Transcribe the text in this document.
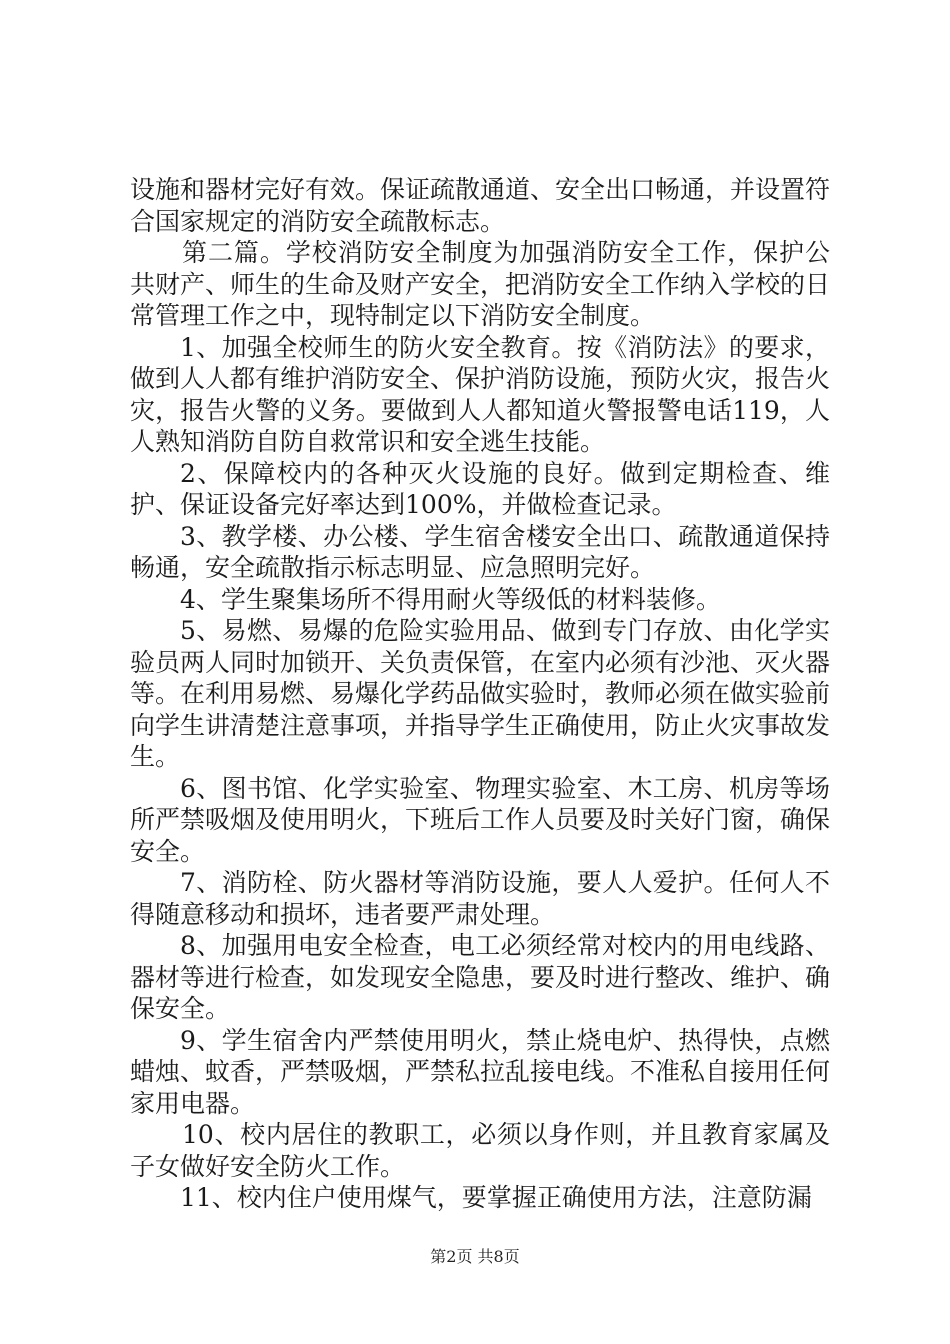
设施和器材完好有效。保证疏散通道、安全出口畅通，并设置符合国家规定的消防安全疏散标志。

第二篇。学校消防安全制度为加强消防安全工作，保护公共财产、师生的生命及财产安全，把消防安全工作纳入学校的日常管理工作之中，现特制定以下消防安全制度。

1、加强全校师生的防火安全教育。按《消防法》的要求，做到人人都有维护消防安全、保护消防设施，预防火灾，报告火灾，报告火警的义务。要做到人人都知道火警报警电话119，人人熟知消防自防自救常识和安全逃生技能。

2、保障校内的各种灭火设施的良好。做到定期检查、维护、保证设备完好率达到100%，并做检查记录。

3、教学楼、办公楼、学生宿舍楼安全出口、疏散通道保持畅通，安全疏散指示标志明显、应急照明完好。

4、学生聚集场所不得用耐火等级低的材料装修。

5、易燃、易爆的危险实验用品、做到专门存放、由化学实验员两人同时加锁开、关负责保管，在室内必须有沙池、灭火器等。在利用易燃、易爆化学药品做实验时，教师必须在做实验前向学生讲清楚注意事项，并指导学生正确使用，防止火灾事故发生。

6、图书馆、化学实验室、物理实验室、木工房、机房等场所严禁吸烟及使用明火，下班后工作人员要及时关好门窗，确保安全。

7、消防栓、防火器材等消防设施，要人人爱护。任何人不得随意移动和损坏，违者要严肃处理。

8、加强用电安全检查，电工必须经常对校内的用电线路、器材等进行检查，如发现安全隐患，要及时进行整改、维护、确保安全。

9、学生宿舍内严禁使用明火，禁止烧电炉、热得快，点燃蜡烛、蚊香，严禁吸烟，严禁私拉乱接电线。不准私自接用任何家用电器。

10、校内居住的教职工，必须以身作则，并且教育家属及子女做好安全防火工作。

11、校内住户使用煤气，要掌握正确使用方法，注意防漏

第2页 共8页
